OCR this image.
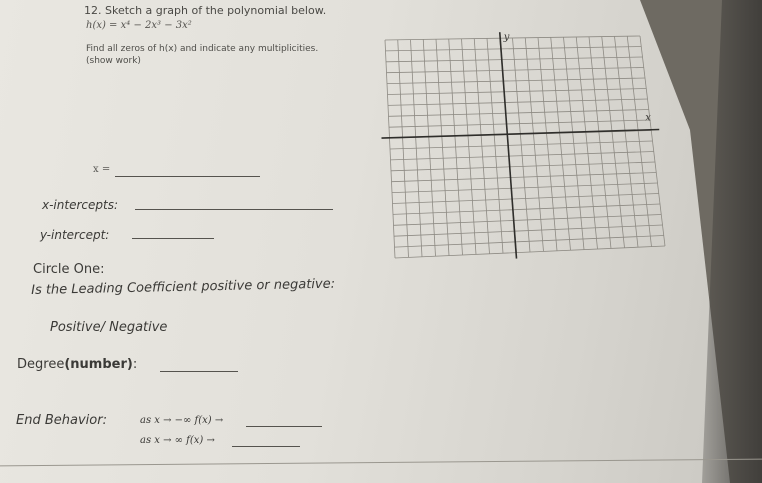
12. Sketch a graph of the polynomial below.
h(x) = x⁴ − 2x³ − 3x²
Find all zeros of h(x) and indicate any multiplicities.
(show work)
x =
x-intercepts:
y-intercept:
Circle One:
Is the Leading Coefficient positive or negative:
Positive/ Negative
Degree(number):
End Behavior:	as x → −∞ f(x) →
as x → ∞ f(x) →
x
y
